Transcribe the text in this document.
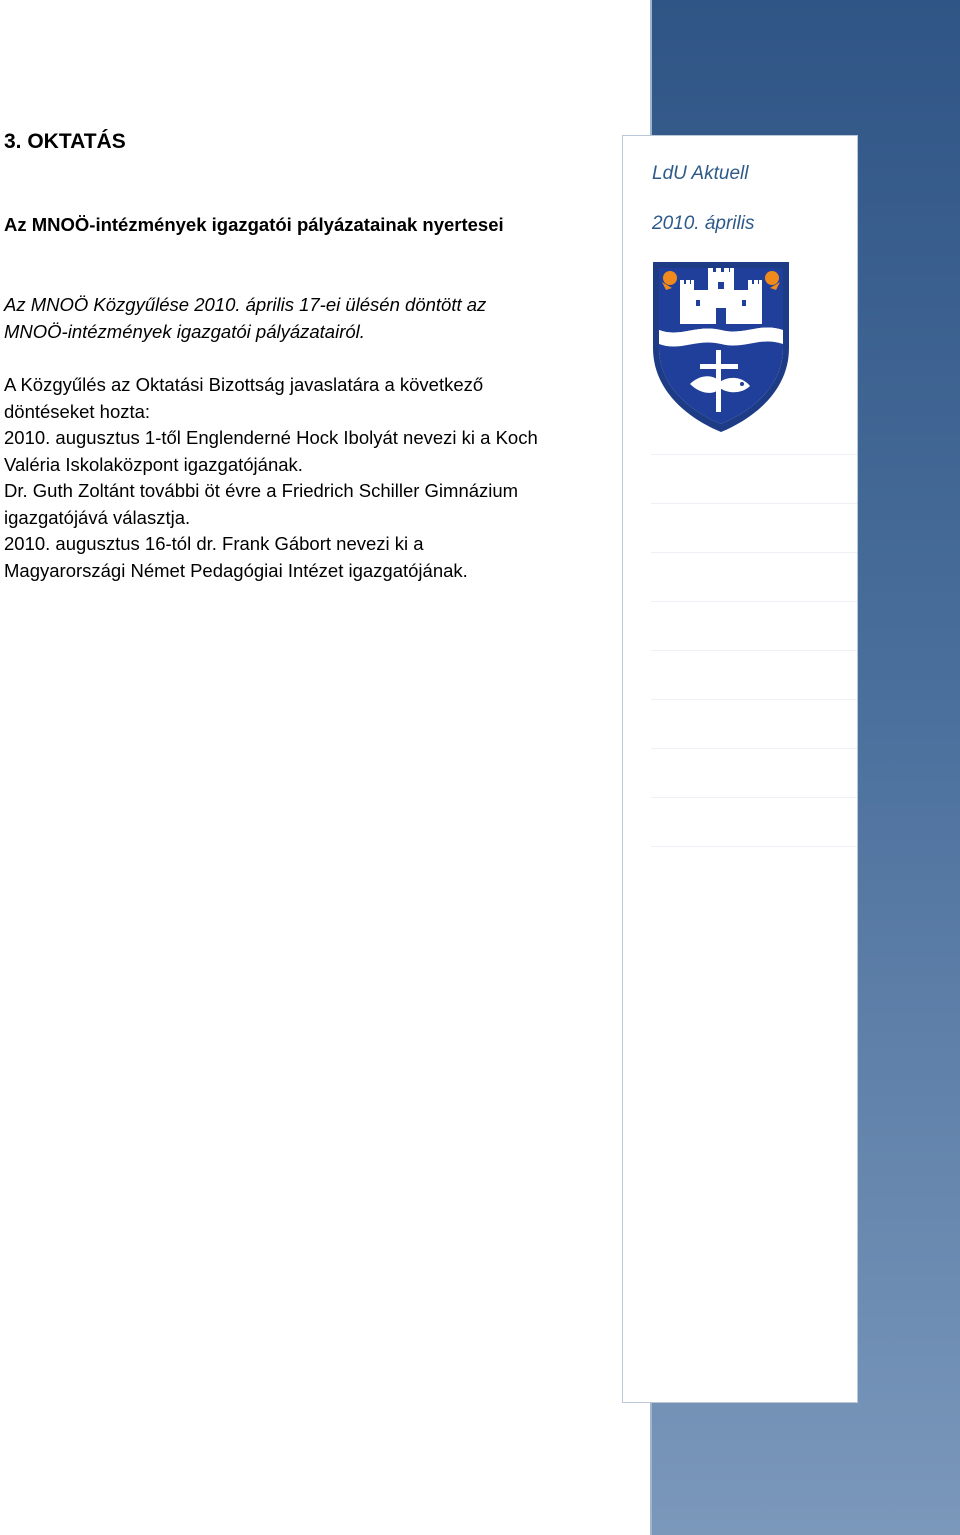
LdU Aktuell
2010. április
3. OKTATÁS
Az MNOÖ-intézmények igazgatói pályázatainak nyertesei
Az MNOÖ Közgyűlése 2010. április 17-ei ülésén döntött az
MNOÖ-intézmények igazgatói pályázatairól.
A Közgyűlés az Oktatási Bizottság javaslatára a következő
döntéseket hozta:
2010. augusztus 1-től Englenderné Hock Ibolyát nevezi ki a Koch
Valéria Iskolaközpont igazgatójának.
Dr. Guth Zoltánt további öt évre a Friedrich Schiller Gimnázium
igazgatójává választja.
2010. augusztus 16-tól dr. Frank Gábort nevezi ki a
Magyarországi Német Pedagógiai Intézet igazgatójának.
